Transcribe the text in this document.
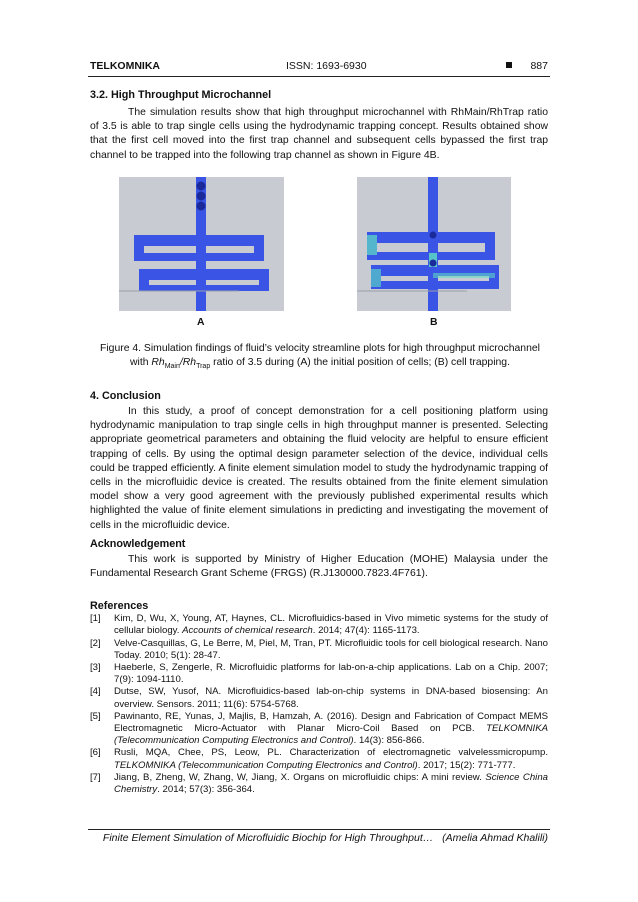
TELKOMNIKA	ISSN: 1693-6930	887
3.2. High Throughput Microchannel

The simulation results show that high throughput microchannel with RhMain/RhTrap ratio of 3.5 is able to trap single cells using the hydrodynamic trapping concept. Results obtained show that the first cell moved into the first trap channel and subsequent cells bypassed the first trap channel to be trapped into the following trap channel as shown in Figure 4B.

A	B
Figure 4. Simulation findings of fluid’s velocity streamline plots for high throughput microchannel with $Rh_{Main}/Rh_{Trap}$ ratio of 3.5 during (A) the initial position of cells; (B) cell trapping.
4. Conclusion

In this study, a proof of concept demonstration for a cell positioning platform using hydrodynamic manipulation to trap single cells in high throughput manner is presented. Selecting appropriate geometrical parameters and obtaining the fluid velocity are helpful to ensure efficient trapping of cells. By using the optimal design parameter selection of the device, individual cells could be trapped efficiently. A finite element simulation model to study the hydrodynamic trapping of cells in the microfluidic device is created. The results obtained from the finite element simulation model show a very good agreement with the previously published experimental results which highlighted the value of finite element simulations in predicting and investigating the movement of cells in the microfluidic device.

Acknowledgement

This work is supported by Ministry of Higher Education (MOHE) Malaysia under the Fundamental Research Grant Scheme (FRGS) (R.J130000.7823.4F761).

References
[1] Kim, D, Wu, X, Young, AT, Haynes, CL. Microfluidics-based in Vivo mimetic systems for the study of cellular biology. Accounts of chemical research. 2014; 47(4): 1165-1173.
[2] Velve-Casquillas, G, Le Berre, M, Piel, M, Tran, PT. Microfluidic tools for cell biological research. Nano Today. 2010; 5(1): 28-47.
[3] Haeberle, S, Zengerle, R. Microfluidic platforms for lab-on-a-chip applications. Lab on a Chip. 2007; 7(9): 1094-1110.
[4] Dutse, SW, Yusof, NA. Microfluidics-based lab-on-chip systems in DNA-based biosensing: An overview. Sensors. 2011; 11(6): 5754-5768.
[5] Pawinanto, RE, Yunas, J, Majlis, B, Hamzah, A. (2016). Design and Fabrication of Compact MEMS Electromagnetic Micro-Actuator with Planar Micro-Coil Based on PCB. TELKOMNIKA (Telecommunication Computing Electronics and Control). 14(3): 856-866.
[6] Rusli, MQA, Chee, PS, Leow, PL. Characterization of electromagnetic valvelessmicropump. TELKOMNIKA (Telecommunication Computing Electronics and Control). 2017; 15(2): 771-777.
[7] Jiang, B, Zheng, W, Zhang, W, Jiang, X. Organs on microfluidic chips: A mini review. Science China Chemistry. 2014; 57(3): 356-364.
Finite Element Simulation of Microfluidic Biochip for High Throughput… (Amelia Ahmad Khalili)
